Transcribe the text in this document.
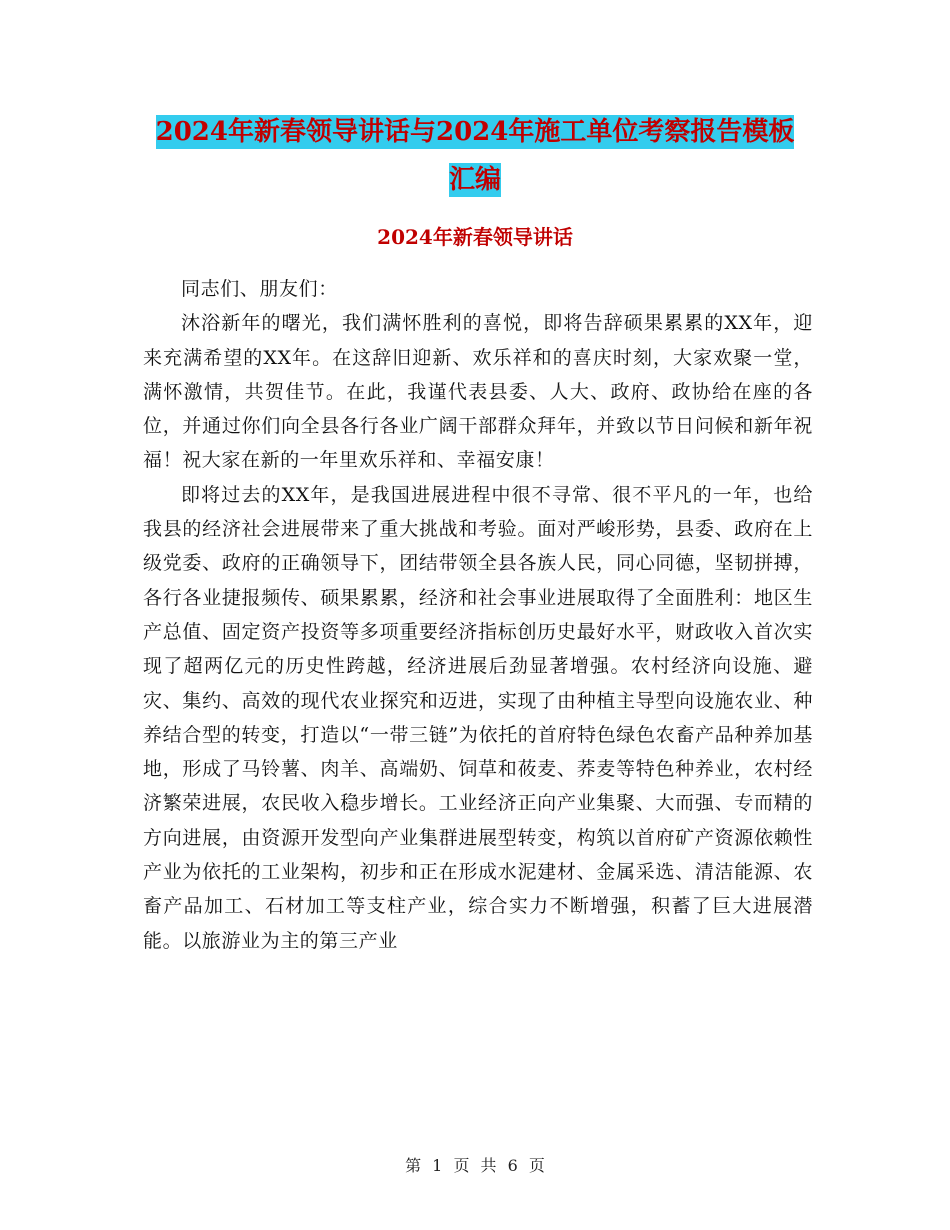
2024年新春领导讲话与2024年施工单位考察报告模板
汇编
2024年新春领导讲话

同志们、朋友们：

沐浴新年的曙光，我们满怀胜利的喜悦，即将告辞硕果累累的XX年，迎来充满希望的XX年。在这辞旧迎新、欢乐祥和的喜庆时刻，大家欢聚一堂，满怀激情，共贺佳节。在此，我谨代表县委、人大、政府、政协给在座的各位，并通过你们向全县各行各业广阔干部群众拜年，并致以节日问候和新年祝福！祝大家在新的一年里欢乐祥和、幸福安康！

即将过去的XX年，是我国进展进程中很不寻常、很不平凡的一年，也给我县的经济社会进展带来了重大挑战和考验。面对严峻形势，县委、政府在上级党委、政府的正确领导下，团结带领全县各族人民，同心同德，坚韧拼搏，各行各业捷报频传、硕果累累，经济和社会事业进展取得了全面胜利：地区生产总值、固定资产投资等多项重要经济指标创历史最好水平，财政收入首次实现了超两亿元的历史性跨越，经济进展后劲显著增强。农村经济向设施、避灾、集约、高效的现代农业探究和迈进，实现了由种植主导型向设施农业、种养结合型的转变，打造以“一带三链”为依托的首府特色绿色农畜产品种养加基地，形成了马铃薯、肉羊、高端奶、饲草和莜麦、荞麦等特色种养业，农村经济繁荣进展，农民收入稳步增长。工业经济正向产业集聚、大而强、专而精的方向进展，由资源开发型向产业集群进展型转变，构筑以首府矿产资源依赖性产业为依托的工业架构，初步和正在形成水泥建材、金属采选、清洁能源、农畜产品加工、石材加工等支柱产业，综合实力不断增强，积蓄了巨大进展潜能。以旅游业为主的第三产业

第 1 页 共 6 页
